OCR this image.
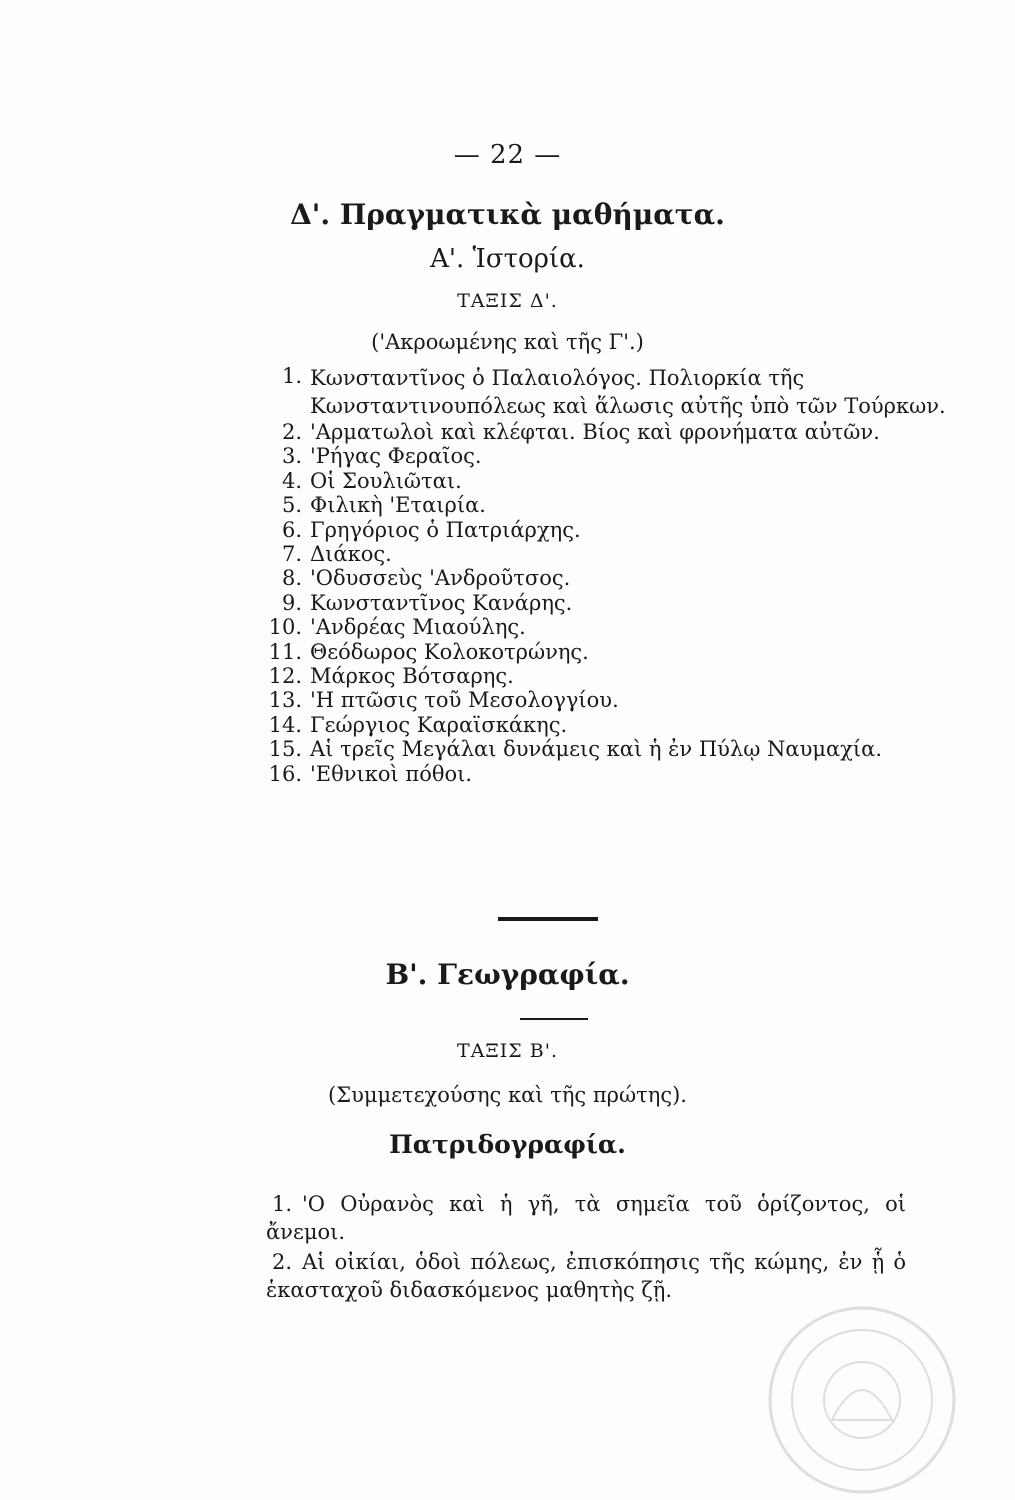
— 22 —
Δ'. Πραγματικὰ μαθήματα.
Α'. Ἱστορία.
ΤΑΞΙΣ Δ'.
('Ακροωμένης καὶ τῆς Γ'.)
1. Κωνσταντῖνος ὁ Παλαιολόγος. Πολιορκία τῆς Κωνσταντινουπόλεως καὶ ἅλωσις αὐτῆς ὑπὸ τῶν Τούρκων.
2. 'Αρματωλοὶ καὶ κλέφται. Βίος καὶ φρονήματα αὐτῶν.
3. 'Ρήγας Φεραῖος.
4. Οἱ Σουλιῶται.
5. Φιλικὴ 'Εταιρία.
6. Γρηγόριος ὁ Πατριάρχης.
7. Διάκος.
8. 'Οδυσσεὺς 'Ανδροῦτσος.
9. Κωνσταντῖνος Κανάρης.
10. 'Ανδρέας Μιαούλης.
11. Θεόδωρος Κολοκοτρώνης.
12. Μάρκος Βότσαρης.
13. 'Η πτῶσις τοῦ Μεσολογγίου.
14. Γεώργιος Καραϊσκάκης.
15. Αἱ τρεῖς Μεγάλαι δυνάμεις καὶ ἡ ἐν Πύλῳ Ναυμαχία.
16. 'Εθνικοὶ πόθοι.
Β'. Γεωγραφία.
ΤΑΞΙΣ Β'.
(Συμμετεχούσης καὶ τῆς πρώτης).
Πατριδογραφία.
1. 'Ο Οὐρανὸς καὶ ἡ γῆ, τὰ σημεῖα τοῦ ὁρίζοντος, οἱ ἄνεμοι.
2. Αἱ οἰκίαι, ὁδοὶ πόλεως, ἐπισκόπησις τῆς κώμης, ἐν ᾗ ὁ ἑκασταχοῦ διδασκόμενος μαθητὴς ζῇ.
